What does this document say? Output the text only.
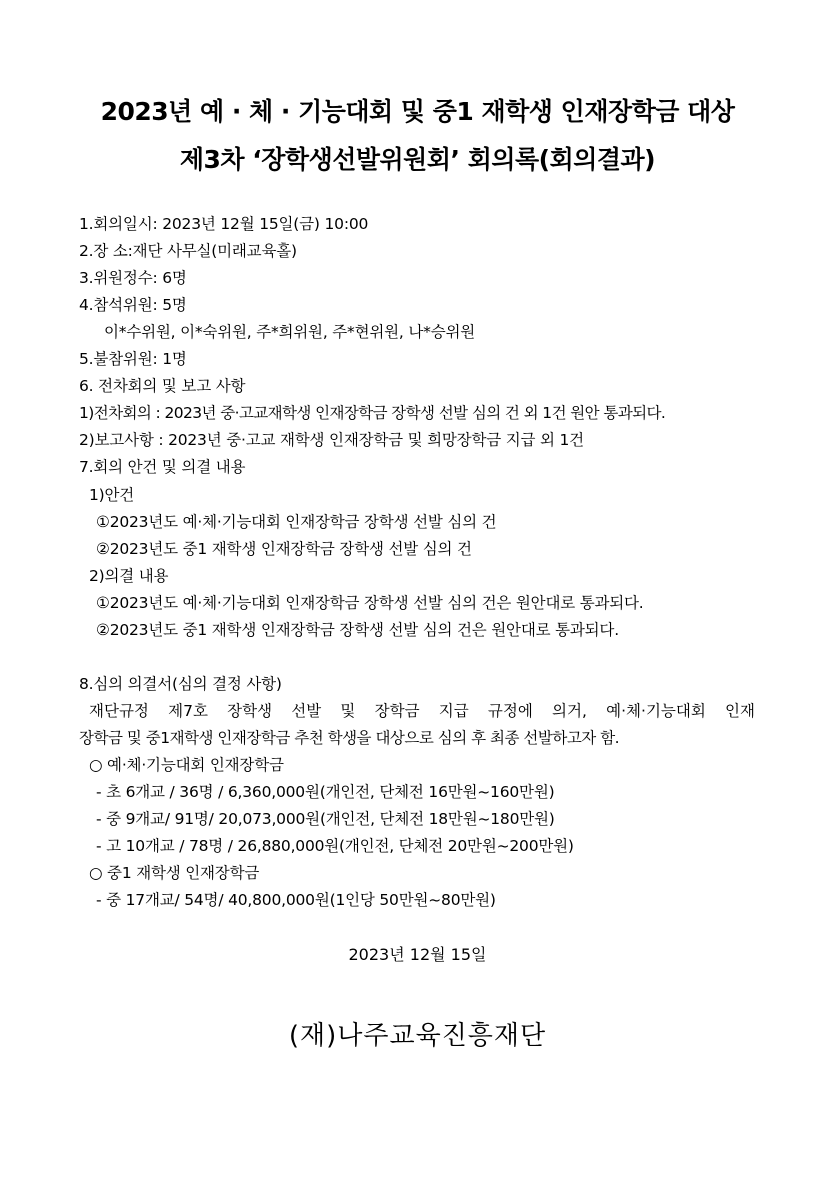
2023년 예 · 체 · 기능대회 및 중1 재학생 인재장학금 대상
제3차 ‘장학생선발위원회’ 회의록(회의결과)
1.회의일시: 2023년 12월 15일(금) 10:00
2.장 소:재단 사무실(미래교육홀)
3.위원정수: 6명
4.참석위원: 5명
이*수위원, 이*숙위원, 주*희위원, 주*현위원, 나*승위원
5.불참위원: 1명
6. 전차회의 및 보고 사항
1)전차회의 : 2023년 중·고교재학생 인재장학금 장학생 선발 심의 건 외 1건 원안 통과되다.
2)보고사항 : 2023년 중·고교 재학생 인재장학금 및 희망장학금 지급 외 1건
7.회의 안건 및 의결 내용
1)안건
①2023년도 예·체·기능대회 인재장학금 장학생 선발 심의 건
②2023년도 중1 재학생 인재장학금 장학생 선발 심의 건
2)의결 내용
①2023년도 예·체·기능대회 인재장학금 장학생 선발 심의 건은 원안대로 통과되다.
②2023년도 중1 재학생 인재장학금 장학생 선발 심의 건은 원안대로 통과되다.
8.심의 의결서(심의 결정 사항)
재단규정 제7호 장학생 선발 및 장학금 지급 규정에 의거, 예·체·기능대회 인재
장학금 및 중1재학생 인재장학금 추천 학생을 대상으로 심의 후 최종 선발하고자 함.
○ 예·체·기능대회 인재장학금
- 초 6개교 / 36명 / 6,360,000원(개인전, 단체전 16만원~160만원)
- 중 9개교/ 91명/ 20,073,000원(개인전, 단체전 18만원~180만원)
- 고 10개교 / 78명 / 26,880,000원(개인전, 단체전 20만원~200만원)
○ 중1 재학생 인재장학금
- 중 17개교/ 54명/ 40,800,000원(1인당 50만원~80만원)
2023년 12월 15일
(재)나주교육진흥재단
